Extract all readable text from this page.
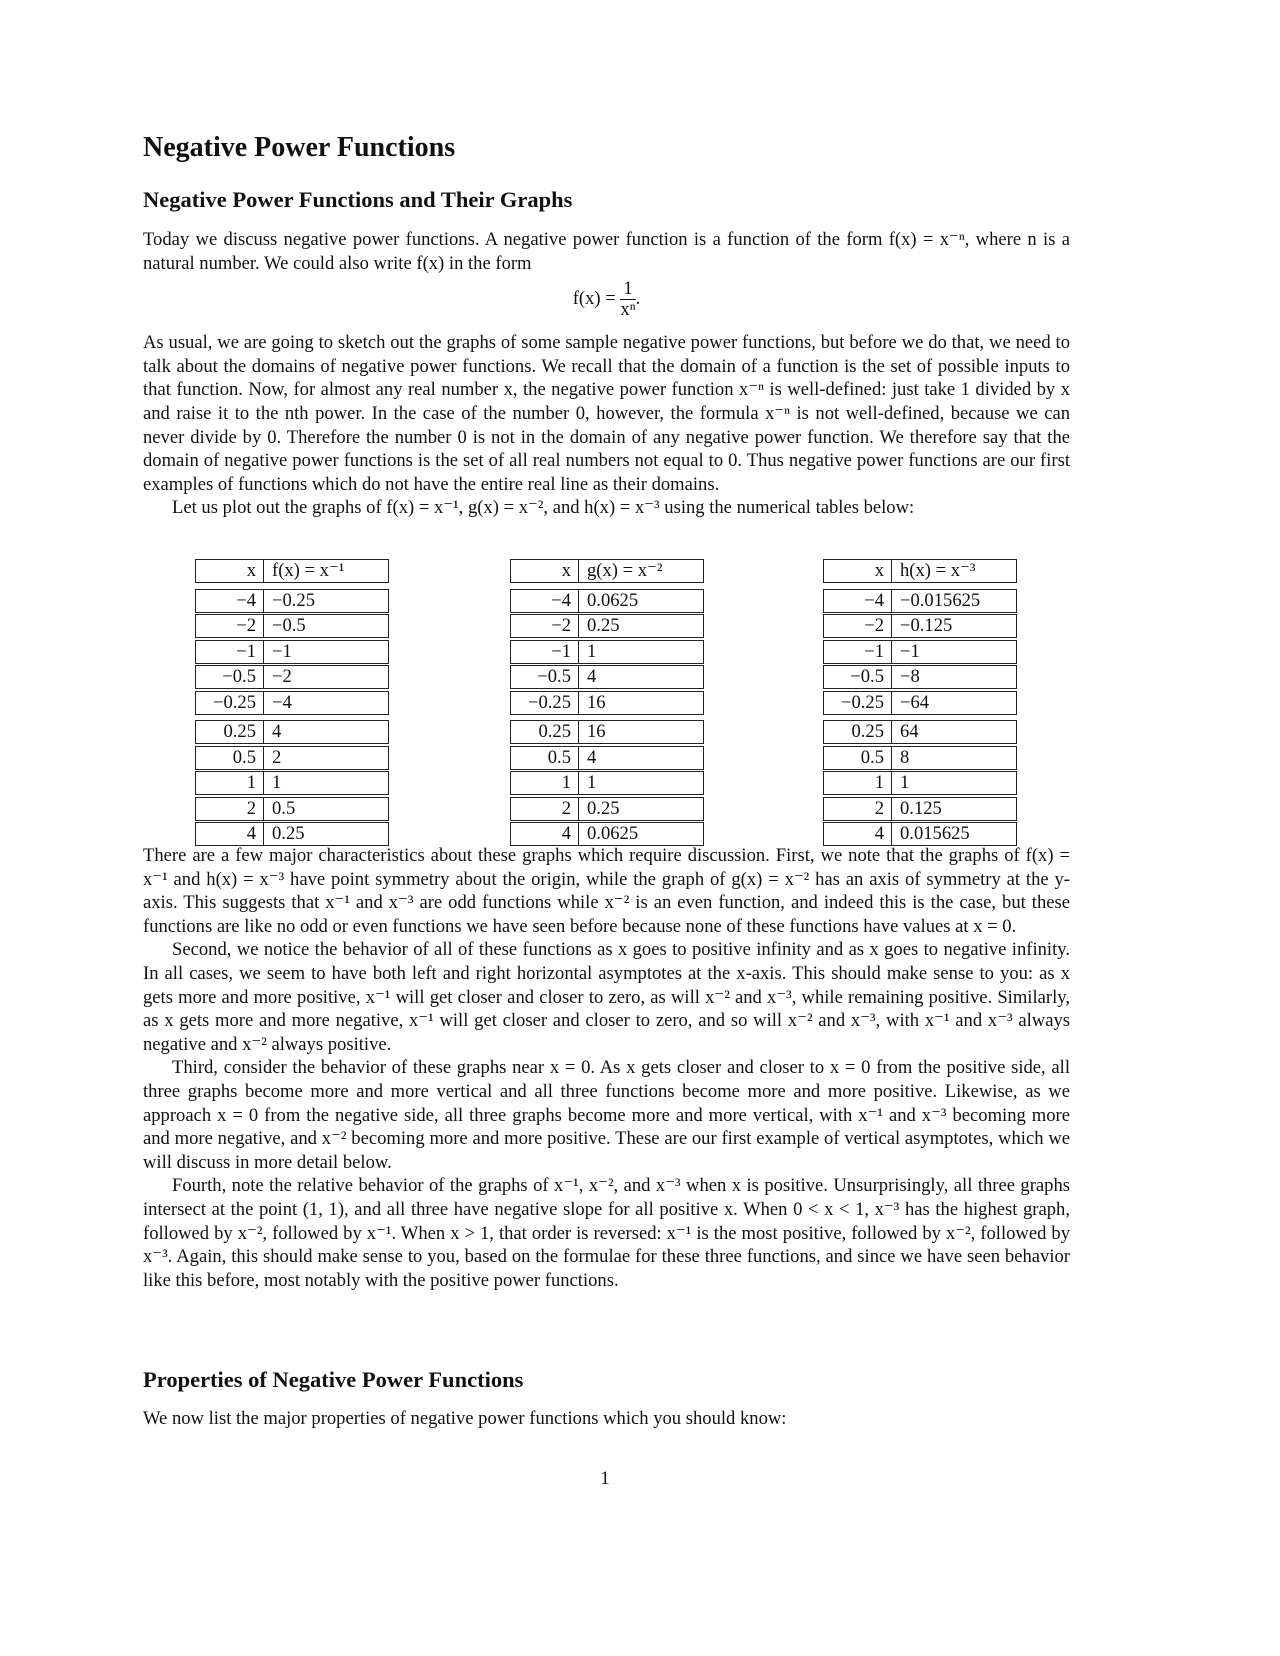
Negative Power Functions
Negative Power Functions and Their Graphs

Today we discuss negative power functions. A negative power function is a function of the form f(x) = x⁻ⁿ, where n is a natural number. We could also write f(x) in the form

$f(x) = \frac{1}{\text{xⁿ}}$ .

As usual, we are going to sketch out the graphs of some sample negative power functions, but before we do that, we need to talk about the domains of negative power functions. We recall that the domain of a function is the set of possible inputs to that function. Now, for almost any real number x, the negative power function x⁻ⁿ is well-defined: just take 1 divided by x and raise it to the nth power. In the case of the number 0, however, the formula x⁻ⁿ is not well-defined, because we can never divide by 0. Therefore the number 0 is not in the domain of any negative power function. We therefore say that the domain of negative power functions is the set of all real numbers not equal to 0. Thus negative power functions are our first examples of functions which do not have the entire real line as their domains.

Let us plot out the graphs of f(x) = x⁻¹, g(x) = x⁻², and h(x) = x⁻³ using the numerical tables below:

x f(x) = x⁻¹
−4 −0.25
−2 −0.5
−1 −1
−0.5 −2
−0.25 −4
0.25 4
0.5 2
1 1
2 0.5
4 0.25
x g(x) = x⁻²
−4 0.0625
−2 0.25
−1 1
−0.5 4
−0.25 16
0.25 16
0.5 4
1 1
2 0.25
4 0.0625
x h(x) = x⁻³
−4 −0.015625
−2 −0.125
−1 −1
−0.5 −8
−0.25 −64
0.25 64
0.5 8
1 1
2 0.125
4 0.015625

There are a few major characteristics about these graphs which require discussion. First, we note that the graphs of f(x) = x⁻¹ and h(x) = x⁻³ have point symmetry about the origin, while the graph of g(x) = x⁻² has an axis of symmetry at the y-axis. This suggests that x⁻¹ and x⁻³ are odd functions while x⁻² is an even function, and indeed this is the case, but these functions are like no odd or even functions we have seen before because none of these functions have values at x = 0.

Second, we notice the behavior of all of these functions as x goes to positive infinity and as x goes to negative infinity. In all cases, we seem to have both left and right horizontal asymptotes at the x-axis. This should make sense to you: as x gets more and more positive, x⁻¹ will get closer and closer to zero, as will x⁻² and x⁻³, while remaining positive. Similarly, as x gets more and more negative, x⁻¹ will get closer and closer to zero, and so will x⁻² and x⁻³, with x⁻¹ and x⁻³ always negative and x⁻² always positive.

Third, consider the behavior of these graphs near x = 0. As x gets closer and closer to x = 0 from the positive side, all three graphs become more and more vertical and all three functions become more and more positive. Likewise, as we approach x = 0 from the negative side, all three graphs become more and more vertical, with x⁻¹ and x⁻³ becoming more and more negative, and x⁻² becoming more and more positive. These are our first example of vertical asymptotes, which we will discuss in more detail below.

Fourth, note the relative behavior of the graphs of x⁻¹, x⁻², and x⁻³ when x is positive. Unsurprisingly, all three graphs intersect at the point (1, 1), and all three have negative slope for all positive x. When 0 < x < 1, x⁻³ has the highest graph, followed by x⁻², followed by x⁻¹. When x > 1, that order is reversed: x⁻¹ is the most positive, followed by x⁻², followed by x⁻³. Again, this should make sense to you, based on the formulae for these three functions, and since we have seen behavior like this before, most notably with the positive power functions.

Properties of Negative Power Functions

We now list the major properties of negative power functions which you should know:

1
